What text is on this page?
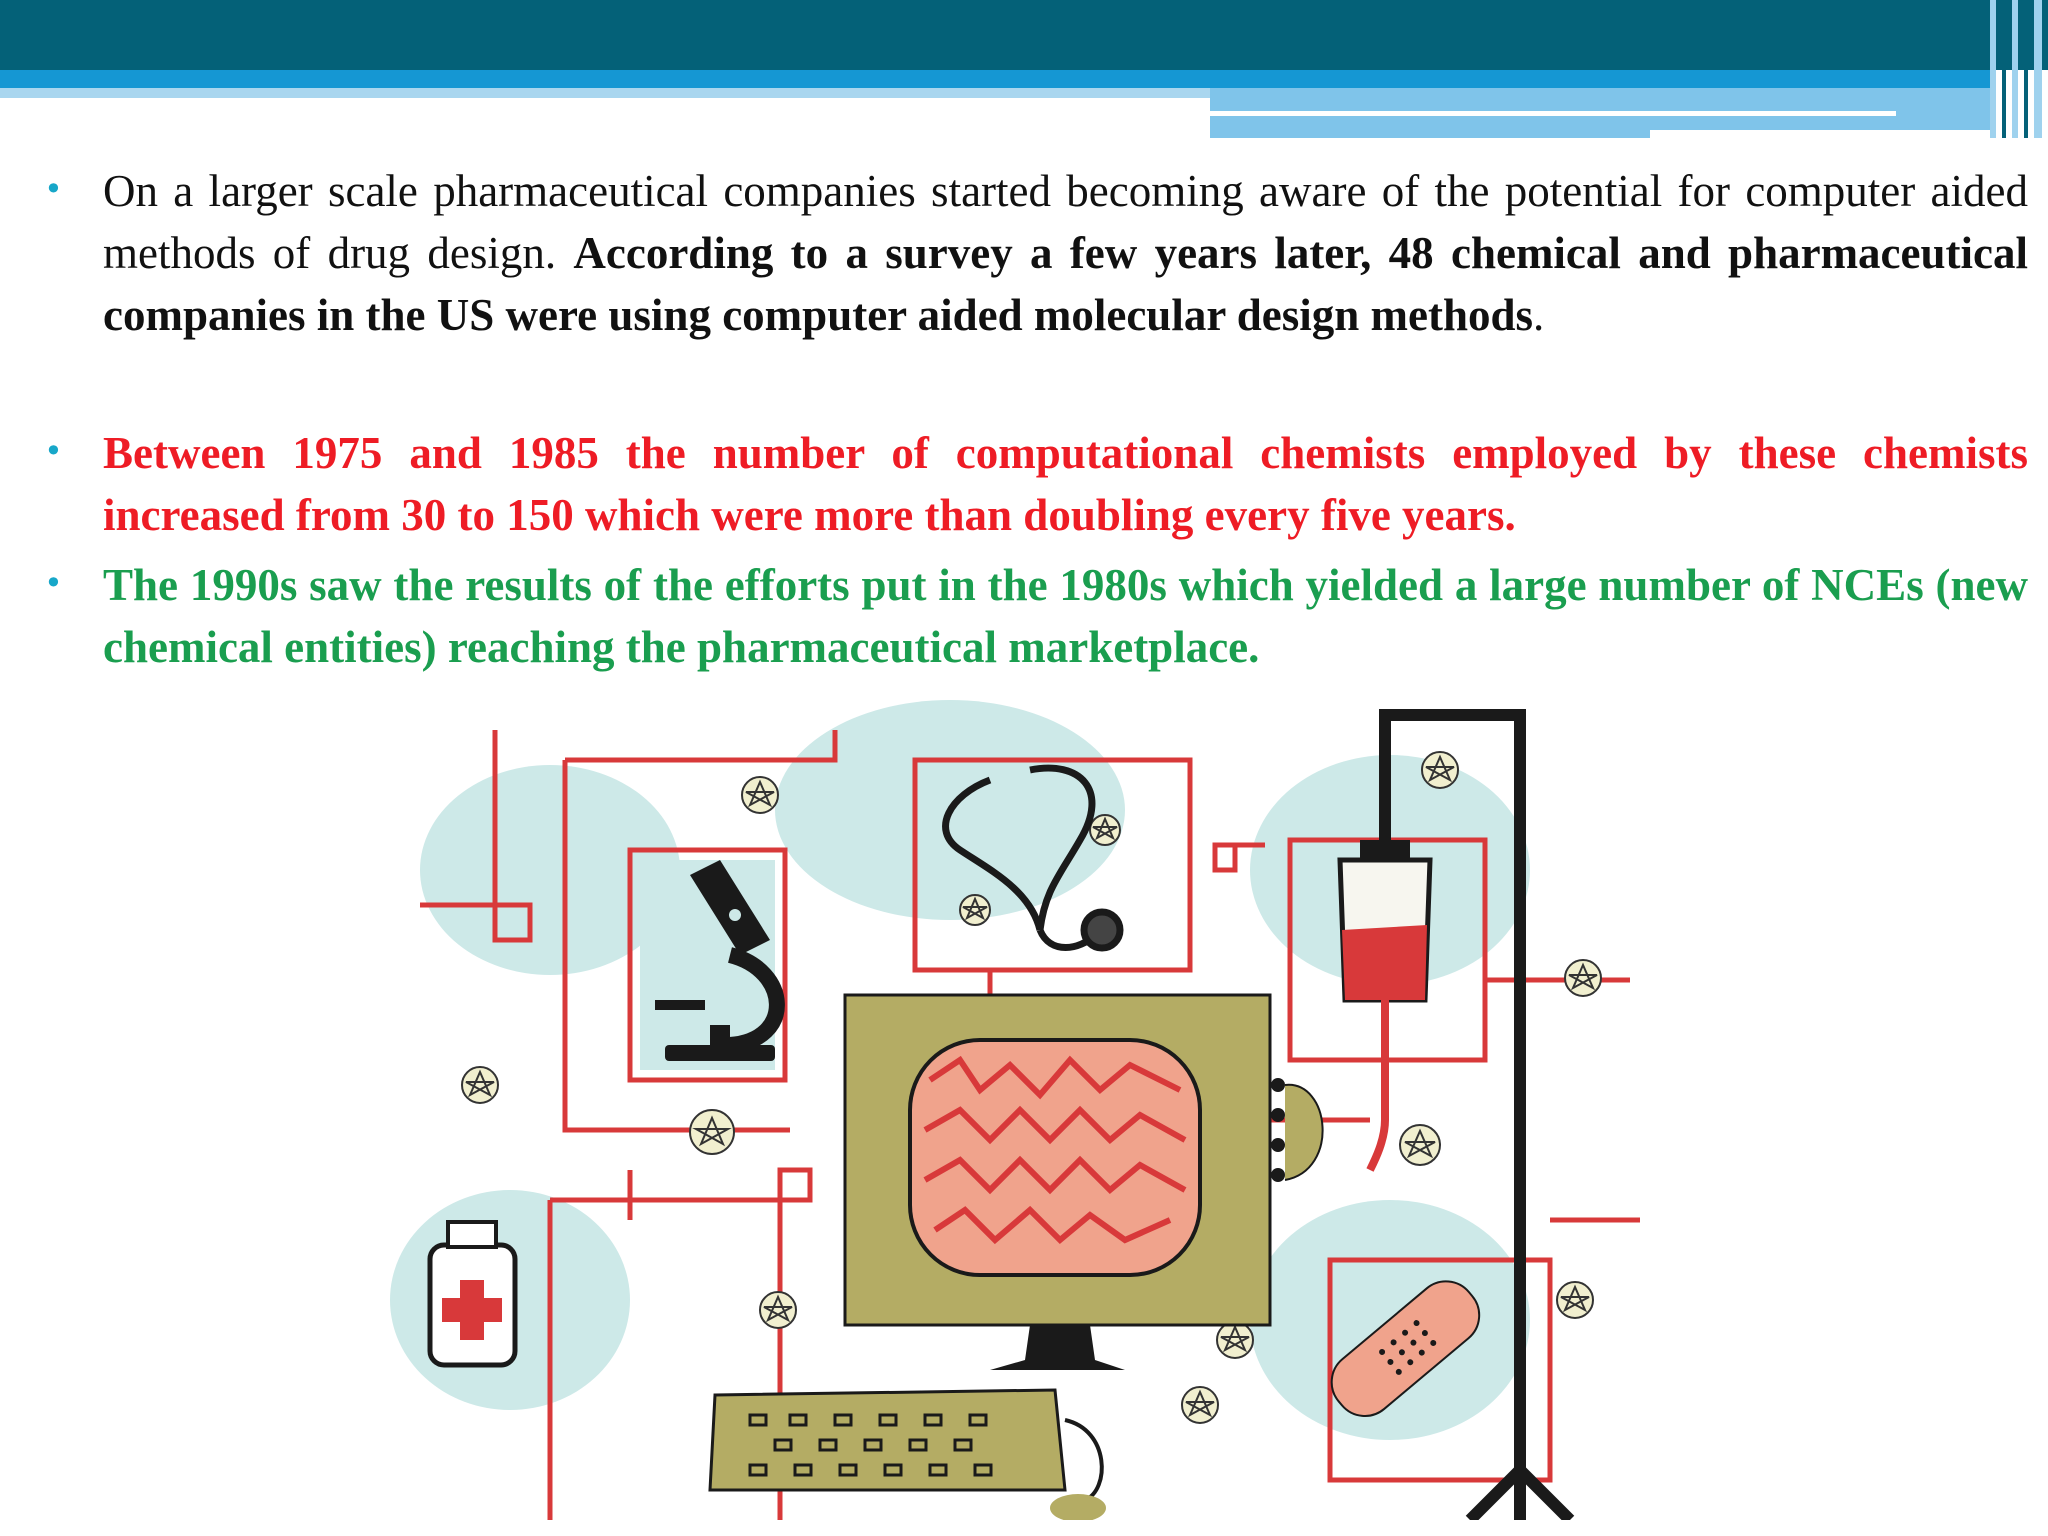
• On a larger scale pharmaceutical companies started becoming aware of the potential for computer aided methods of drug design. According to a survey a few years later, 48 chemical and pharmaceutical companies in the US were using computer aided molecular design methods.

• Between 1975 and 1985 the number of computational chemists employed by these chemists increased from 30 to 150 which were more than doubling every five years.

• The 1990s saw the results of the efforts put in the 1980s which yielded a large number of NCEs (new chemical entities) reaching the pharmaceutical marketplace.
